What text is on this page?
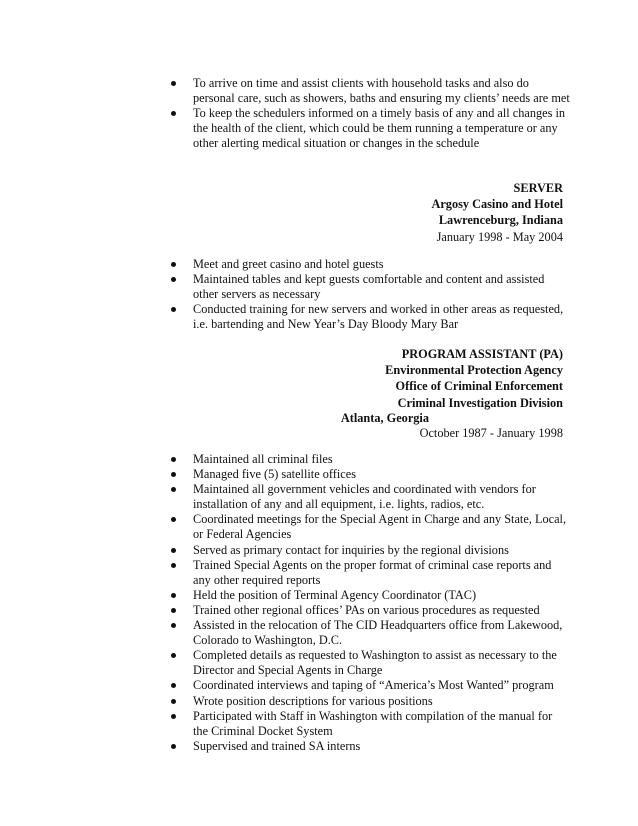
To arrive on time and assist clients with household tasks and also do personal care, such as showers, baths and ensuring my clients’ needs are met
To keep the schedulers informed on a timely basis of any and all changes in the health of the client, which could be them running a temperature or any other alerting medical situation or changes in the schedule
SERVER
Argosy Casino and Hotel
Lawrenceburg, Indiana
January 1998 - May 2004
Meet and greet casino and hotel guests
Maintained tables and kept guests comfortable and content and assisted other servers as necessary
Conducted training for new servers and worked in other areas as requested, i.e. bartending and New Year’s Day Bloody Mary Bar
PROGRAM ASSISTANT (PA)
Environmental Protection Agency
Office of Criminal Enforcement
Criminal Investigation Division
Atlanta, Georgia
October 1987 - January 1998
Maintained all criminal files
Managed five (5) satellite offices
Maintained all government vehicles and coordinated with vendors for installation of any and all equipment, i.e. lights, radios, etc.
Coordinated meetings for the Special Agent in Charge and any State, Local, or Federal Agencies
Served as primary contact for inquiries by the regional divisions
Trained Special Agents on the proper format of criminal case reports and any other required reports
Held the position of Terminal Agency Coordinator (TAC)
Trained other regional offices’ PAs on various procedures as requested
Assisted in the relocation of The CID Headquarters office from Lakewood, Colorado to Washington, D.C.
Completed details as requested to Washington to assist as necessary to the Director and Special Agents in Charge
Coordinated interviews and taping of “America’s Most Wanted” program
Wrote position descriptions for various positions
Participated with Staff in Washington with compilation of the manual for the Criminal Docket System
Supervised and trained SA interns
